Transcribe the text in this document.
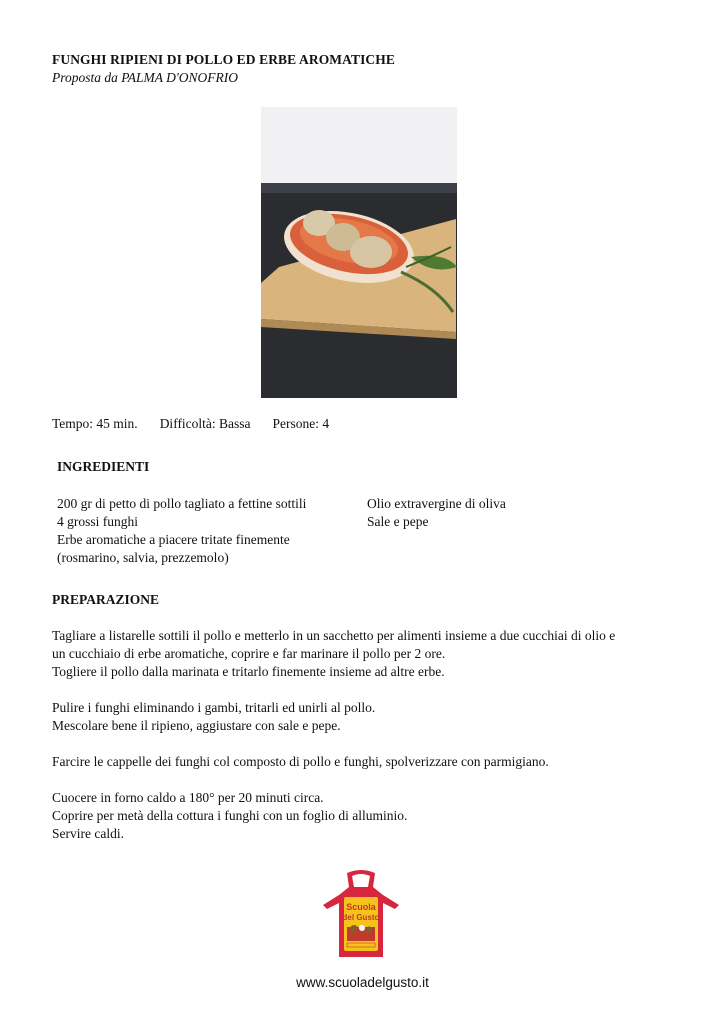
FUNGHI RIPIENI DI POLLO ED ERBE AROMATICHE
Proposta da PALMA D'ONOFRIO
Tempo: 45 min. Difficoltà: Bassa Persone: 4
INGREDIENTI
200 gr di petto di pollo tagliato a fettine sottili
4 grossi funghi
Erbe aromatiche a piacere tritate finemente
(rosmarino, salvia, prezzemolo)
Olio extravergine di oliva
Sale e pepe
PREPARAZIONE

Tagliare a listarelle sottili il pollo e metterlo in un sacchetto per alimenti insieme a due cucchiai di olio e
un cucchiaio di erbe aromatiche, coprire e far marinare il pollo per 2 ore.
Togliere il pollo dalla marinata e tritarlo finemente insieme ad altre erbe.

Pulire i funghi eliminando i gambi, tritarli ed unirli al pollo.
Mescolare bene il ripieno, aggiustare con sale e pepe.

Farcire le cappelle dei funghi col composto di pollo e funghi, spolverizzare con parmigiano.

Cuocere in forno caldo a 180° per 20 minuti circa.
Coprire per metà della cottura i funghi con un foglio di alluminio.
Servire caldi.

Scuola
del Gusto
www.scuoladelgusto.it
